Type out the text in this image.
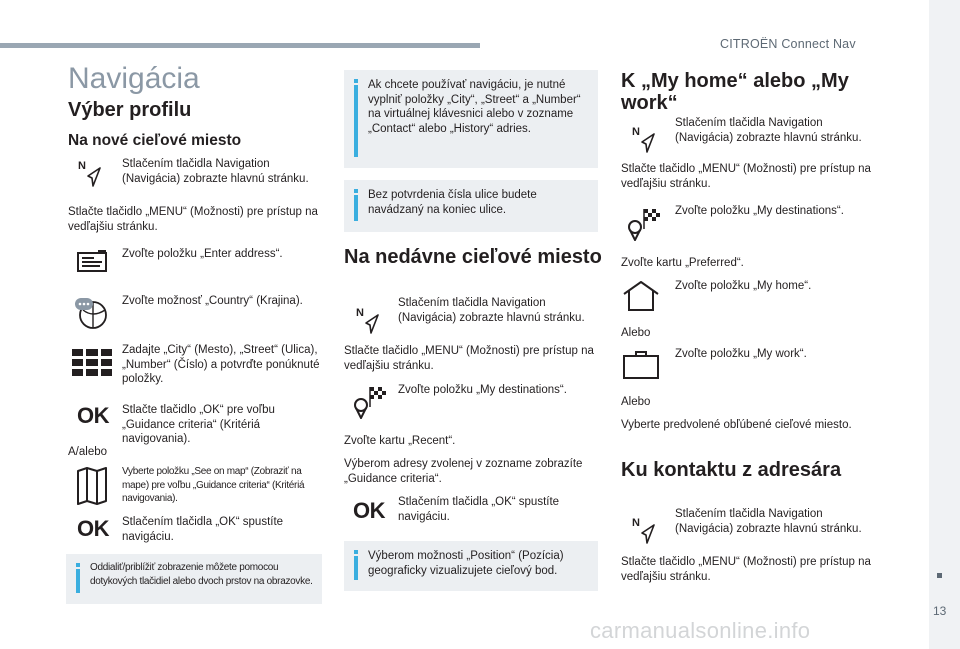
CITROËN Connect Nav
13
carmanualsonline.info
Navigácia
Výber profilu
Na nové cieľové miesto
N	Stlačením tlačidla Navigation (Navigácia) zobrazte hlavnú stránku.
Stlačte tlačidlo „MENU“ (Možnosti) pre prístup na vedľajšiu stránku.
Zvoľte položku „Enter address“.
Zvoľte možnosť „Country“ (Krajina).
Zadajte „City“ (Mesto), „Street“ (Ulica), „Number“ (Číslo) a potvrďte ponúknuté položky.
OK Stlačte tlačidlo „OK“ pre voľbu „Guidance criteria“ (Kritériá navigovania).
A/alebo
Vyberte položku „See on map“ (Zobraziť na mape) pre voľbu „Guidance criteria“ (Kritériá navigovania).
OK Stlačením tlačidla „OK“ spustíte navigáciu.
Oddialiť/priblížiť zobrazenie môžete pomocou dotykových tlačidiel alebo dvoch prstov na obrazovke.
Ak chcete používať navigáciu, je nutné vyplniť položky „City“, „Street“ a „Number“ na virtuálnej klávesnici alebo v zozname „Contact“ alebo „History“ adries.
Bez potvrdenia čísla ulice budete navádzaný na koniec ulice.
Na nedávne cieľové miesto
N
Stlačením tlačidla Navigation (Navigácia) zobrazte hlavnú stránku.
Stlačte tlačidlo „MENU“ (Možnosti) pre prístup na vedľajšiu stránku.
Zvoľte položku „My destinations“.
Zvoľte kartu „Recent“.
Výberom adresy zvolenej v zozname zobrazíte „Guidance criteria“.
OK Stlačením tlačidla „OK“ spustíte navigáciu.
Výberom možnosti „Position“ (Pozícia) geograficky vizualizujete cieľový bod.
K „My home“ alebo „My work“
N
Stlačením tlačidla Navigation (Navigácia) zobrazte hlavnú stránku.
Stlačte tlačidlo „MENU“ (Možnosti) pre prístup na vedľajšiu stránku.
Zvoľte položku „My destinations“.
Zvoľte kartu „Preferred“.
Zvoľte položku „My home“.
Alebo
Zvoľte položku „My work“.
Alebo
Vyberte predvolené obľúbené cieľové miesto.
Ku kontaktu z adresára
N
Stlačením tlačidla Navigation (Navigácia) zobrazte hlavnú stránku.
Stlačte tlačidlo „MENU“ (Možnosti) pre prístup na vedľajšiu stránku.
